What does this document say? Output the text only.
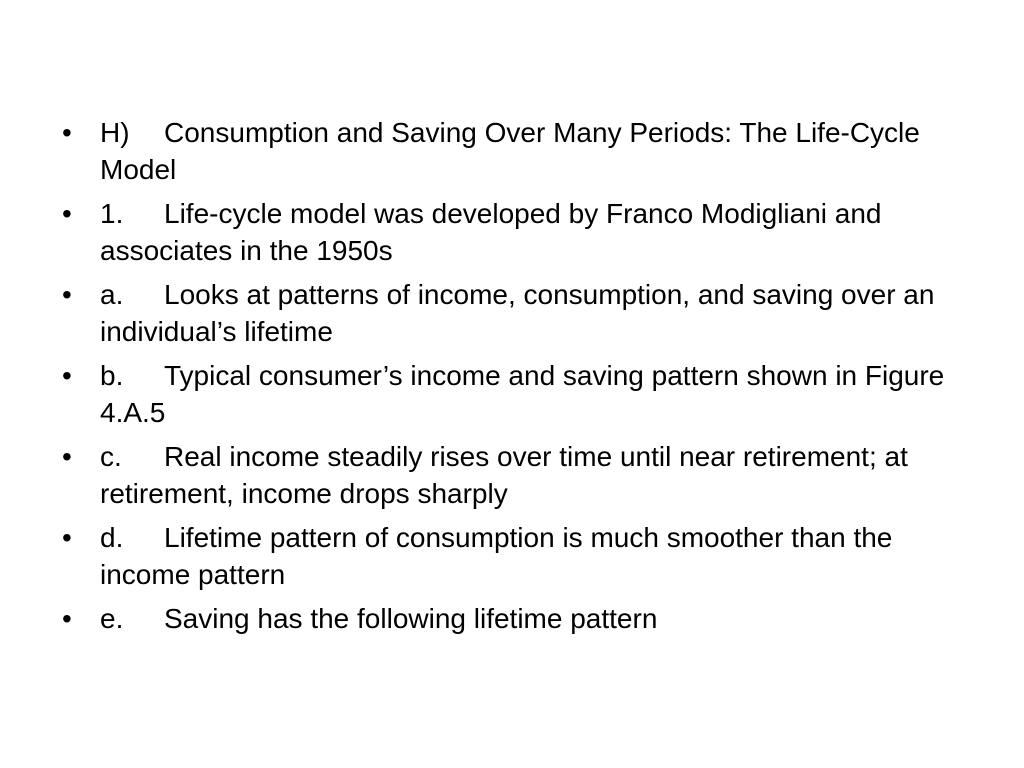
•	H) Consumption and Saving Over Many Periods: The Life-Cycle Model
•	1. Life-cycle model was developed by Franco Modigliani and associates in the 1950s
•	a. Looks at patterns of income, consumption, and saving over an individual’s lifetime
•	b. Typical consumer’s income and saving pattern shown in Figure 4.A.5
•	c. Real income steadily rises over time until near retirement; at retirement, income drops sharply
•	d. Lifetime pattern of consumption is much smoother than the income pattern
•	e. Saving has the following lifetime pattern
